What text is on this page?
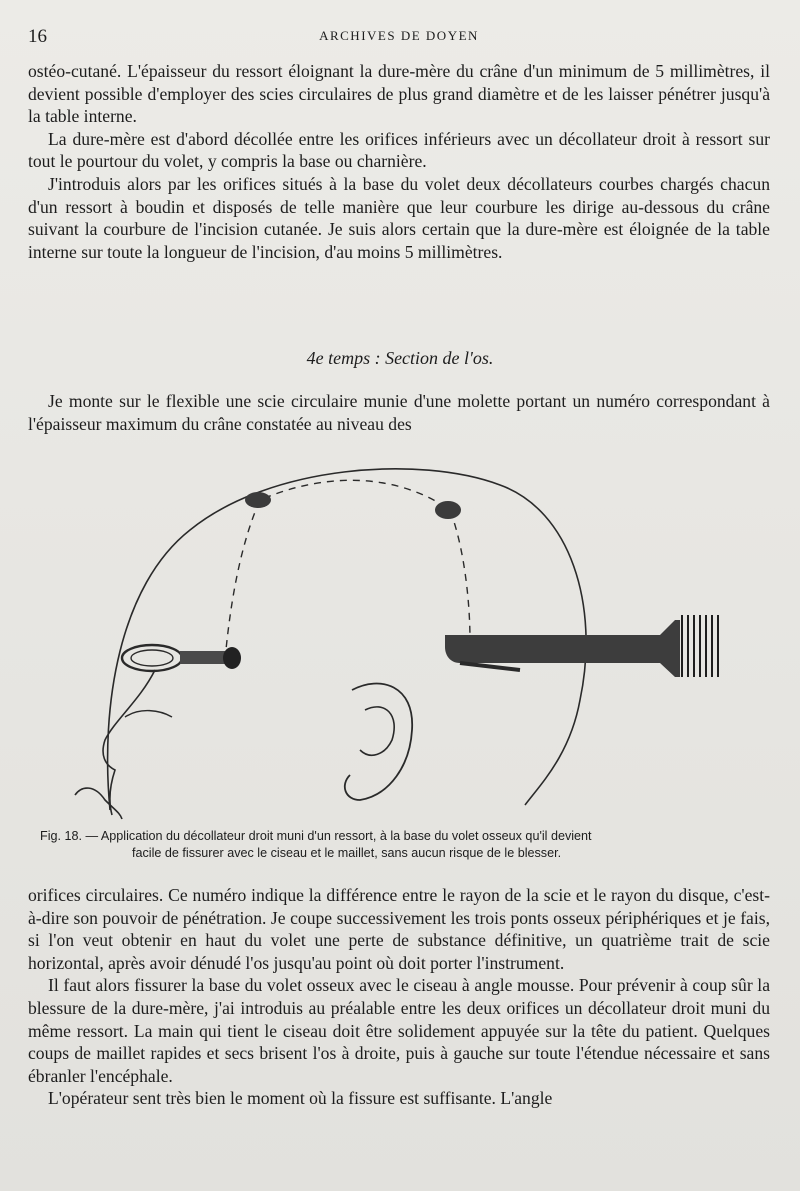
16	ARCHIVES DE DOYEN

ostéo-cutané. L'épaisseur du ressort éloignant la dure-mère du crâne d'un minimum de 5 millimètres, il devient possible d'employer des scies circulaires de plus grand diamètre et de les laisser pénétrer jusqu'à la table interne.

La dure-mère est d'abord décollée entre les orifices inférieurs avec un décollateur droit à ressort sur tout le pourtour du volet, y compris la base ou charnière.

J'introduis alors par les orifices situés à la base du volet deux décollateurs courbes chargés chacun d'un ressort à boudin et disposés de telle manière que leur courbure les dirige au-dessous du crâne suivant la courbure de l'incision cutanée. Je suis alors certain que la dure-mère est éloignée de la table interne sur toute la longueur de l'incision, d'au moins 5 millimètres.

4e temps : Section de l'os.

Je monte sur le flexible une scie circulaire munie d'une molette portant un numéro correspondant à l'épaisseur maximum du crâne constatée au niveau des

Fig. 18. — Application du décollateur droit muni d'un ressort, à la base du volet osseux qu'il devient
facile de fissurer avec le ciseau et le maillet, sans aucun risque de le blesser.

orifices circulaires. Ce numéro indique la différence entre le rayon de la scie et le rayon du disque, c'est-à-dire son pouvoir de pénétration. Je coupe successivement les trois ponts osseux périphériques et je fais, si l'on veut obtenir en haut du volet une perte de substance définitive, un quatrième trait de scie horizontal, après avoir dénudé l'os jusqu'au point où doit porter l'instrument.

Il faut alors fissurer la base du volet osseux avec le ciseau à angle mousse. Pour prévenir à coup sûr la blessure de la dure-mère, j'ai introduis au préalable entre les deux orifices un décollateur droit muni du même ressort. La main qui tient le ciseau doit être solidement appuyée sur la tête du patient. Quelques coups de maillet rapides et secs brisent l'os à droite, puis à gauche sur toute l'étendue nécessaire et sans ébranler l'encéphale.

L'opérateur sent très bien le moment où la fissure est suffisante. L'angle
